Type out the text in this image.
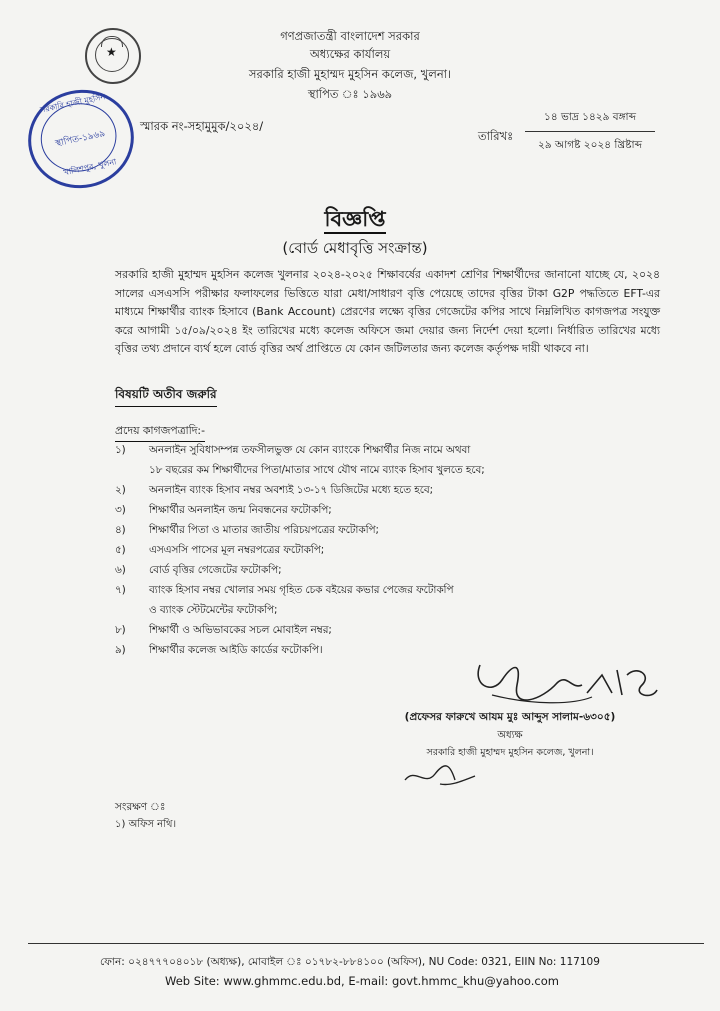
★
সরকারি হাজী মুহসিন
স্থাপিত-১৯৬৯
খালিশপুর, খুলনা
গণপ্রজাতন্ত্রী বাংলাদেশ সরকার
অধ্যক্ষের কার্যালয়
সরকারি হাজী মুহাম্মদ মুহসিন কলেজ, খুলনা।
স্থাপিত ঃ ১৯৬৯
স্মারক নং-সহামুমুক/২০২৪/
তারিখঃ
১৪ ভাদ্র ১৪২৯ বঙ্গাব্দ
২৯ আগষ্ট ২০২৪ খ্রিষ্টাব্দ
বিজ্ঞপ্তি
(বোর্ড মেধাবৃত্তি সংক্রান্ত)
সরকারি হাজী মুহাম্মদ মুহসিন কলেজ খুলনার ২০২৪-২০২৫ শিক্ষাবর্ষের একাদশ শ্রেণির শিক্ষার্থীদের জানানো যাচ্ছে যে, ২০২৪ সালের এসএসসি পরীক্ষার ফলাফলের ভিত্তিতে যারা মেধা/সাধারণ বৃত্তি পেয়েছে তাদের বৃত্তির টাকা G2P পদ্ধতিতে EFT-এর মাধ্যমে শিক্ষার্থীর ব্যাংক হিসাবে (Bank Account) প্রেরণের লক্ষ্যে বৃত্তির গেজেটের কপির সাথে নিম্নলিখিত কাগজপত্র সংযুক্ত করে আগামী ১৫/০৯/২০২৪ ইং তারিখের মধ্যে কলেজ অফিসে জমা দেয়ার জন্য নির্দেশ দেয়া হলো। নির্ধারিত তারিখের মধ্যে বৃত্তির তথ্য প্রদানে ব্যর্থ হলে বোর্ড বৃত্তির অর্থ প্রাপ্তিতে যে কোন জটিলতার জন্য কলেজ কর্তৃপক্ষ দায়ী থাকবে না।
বিষয়টি অতীব জরুরি
প্রদেয় কাগজপত্রাদি:-
১) অনলাইন সুবিধাসম্পন্ন তফসীলভুক্ত যে কোন ব্যাংকে শিক্ষার্থীর নিজ নামে অথবা
১৮ বছরের কম শিক্ষার্থীদের পিতা/মাতার সাথে যৌথ নামে ব্যাংক হিসাব খুলতে হবে;
২) অনলাইন ব্যাংক হিসাব নম্বর অবশ্যই ১৩-১৭ ডিজিটের মধ্যে হতে হবে;
৩) শিক্ষার্থীর অনলাইন জন্ম নিবন্ধনের ফটোকপি;
৪) শিক্ষার্থীর পিতা ও মাতার জাতীয় পরিচয়পত্রের ফটোকপি;
৫) এসএসসি পাসের মূল নম্বরপত্রের ফটোকপি;
৬) বোর্ড বৃত্তির গেজেটের ফটোকপি;
৭) ব্যাংক হিসাব নম্বর খোলার সময় গৃহিত চেক বইয়ের কভার পেজের ফটোকপি
ও ব্যাংক স্টেটমেন্টের ফটোকপি;
৮) শিক্ষার্থী ও অভিভাবকের সচল মোবাইল নম্বর;
৯) শিক্ষার্থীর কলেজ আইডি কার্ডের ফটোকপি।
(প্রফেসর ফারুখে আযম মুঃ আব্দুস সালাম-৬৩০৫)
অধ্যক্ষ
সরকারি হাজী মুহাম্মদ মুহসিন কলেজ, খুলনা।
সংরক্ষণ ঃ
১) অফিস নথি।
ফোন: ০২৪৭৭৭০৪০১৮ (অধ্যক্ষ), মোবাইল ঃ ০১৭৮২-৮৮৪১০০ (অফিস), NU Code: 0321, EIIN No: 117109
Web Site: www.ghmmc.edu.bd, E-mail: govt.hmmc_khu@yahoo.com
